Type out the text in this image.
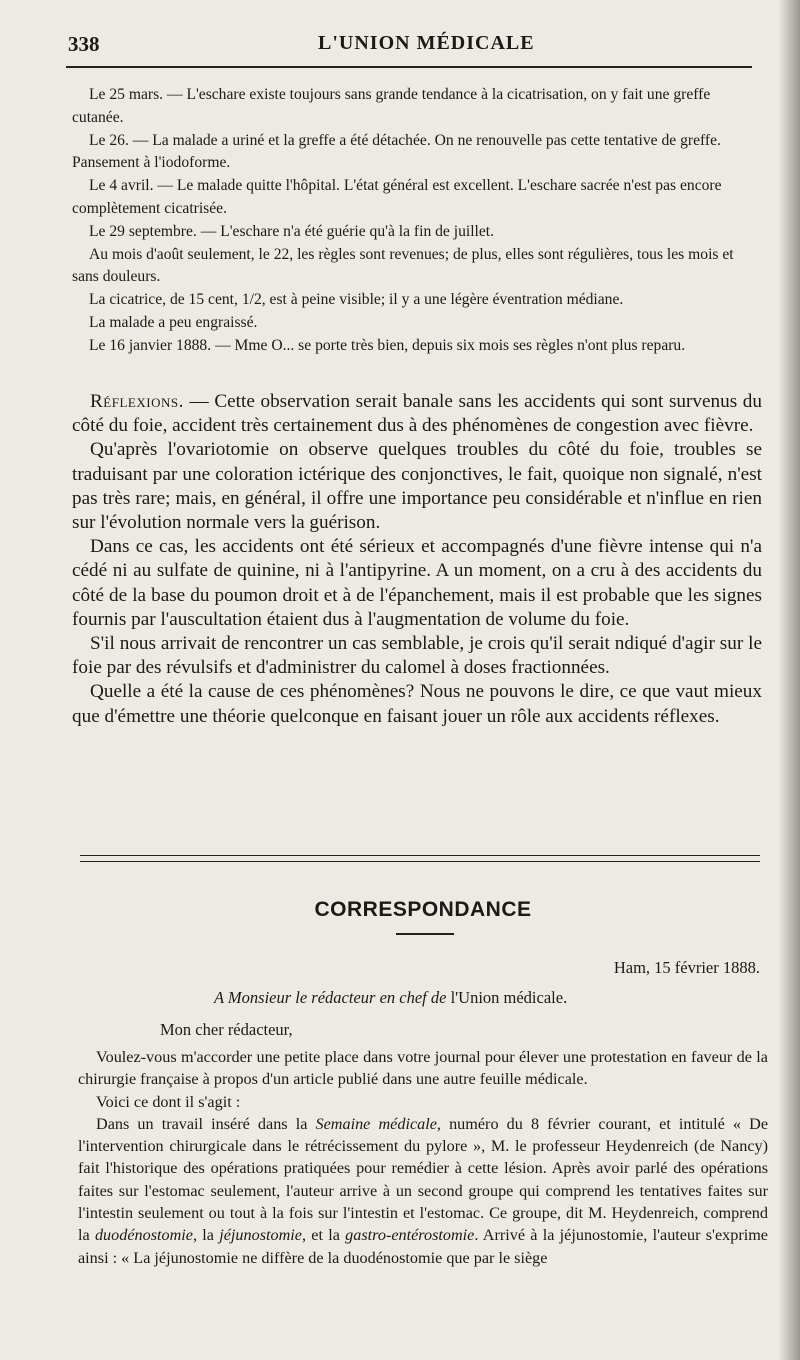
338	L'UNION MÉDICALE

Le 25 mars. — L'eschare existe toujours sans grande tendance à la cicatrisation, on y fait une greffe cutanée.

Le 26. — La malade a uriné et la greffe a été détachée. On ne renouvelle pas cette tentative de greffe. Pansement à l'iodoforme.

Le 4 avril. — Le malade quitte l'hôpital. L'état général est excellent. L'eschare sacrée n'est pas encore complètement cicatrisée.

Le 29 septembre. — L'eschare n'a été guérie qu'à la fin de juillet.

Au mois d'août seulement, le 22, les règles sont revenues; de plus, elles sont régulières, tous les mois et sans douleurs.

La cicatrice, de 15 cent, 1/2, est à peine visible; il y a une légère éventration médiane.

La malade a peu engraissé.

Le 16 janvier 1888. — Mme O... se porte très bien, depuis six mois ses règles n'ont plus reparu.

Réflexions. — Cette observation serait banale sans les accidents qui sont survenus du côté du foie, accident très certainement dus à des phénomènes de congestion avec fièvre.

Qu'après l'ovariotomie on observe quelques troubles du côté du foie, troubles se traduisant par une coloration ictérique des conjonctives, le fait, quoique non signalé, n'est pas très rare; mais, en général, il offre une importance peu considérable et n'influe en rien sur l'évolution normale vers la guérison.

Dans ce cas, les accidents ont été sérieux et accompagnés d'une fièvre intense qui n'a cédé ni au sulfate de quinine, ni à l'antipyrine. A un moment, on a cru à des accidents du côté de la base du poumon droit et à de l'épanchement, mais il est probable que les signes fournis par l'auscultation étaient dus à l'augmentation de volume du foie.

S'il nous arrivait de rencontrer un cas semblable, je crois qu'il serait ndiqué d'agir sur le foie par des révulsifs et d'administrer du calomel à doses fractionnées.

Quelle a été la cause de ces phénomènes? Nous ne pouvons le dire, ce que vaut mieux que d'émettre une théorie quelconque en faisant jouer un rôle aux accidents réflexes.

CORRESPONDANCE
Ham, 15 février 1888.
A Monsieur le rédacteur en chef de l'Union médicale.
Mon cher rédacteur,

Voulez-vous m'accorder une petite place dans votre journal pour élever une protestation en faveur de la chirurgie française à propos d'un article publié dans une autre feuille médicale.

Voici ce dont il s'agit :

Dans un travail inséré dans la Semaine médicale, numéro du 8 février courant, et intitulé « De l'intervention chirurgicale dans le rétrécissement du pylore », M. le professeur Heydenreich (de Nancy) fait l'historique des opérations pratiquées pour remédier à cette lésion. Après avoir parlé des opérations faites sur l'estomac seulement, l'auteur arrive à un second groupe qui comprend les tentatives faites sur l'intestin seulement ou tout à la fois sur l'intestin et l'estomac. Ce groupe, dit M. Heydenreich, comprend la duodénostomie, la jéjunostomie, et la gastro-entérostomie. Arrivé à la jéjunostomie, l'auteur s'exprime ainsi : « La jéjunostomie ne diffère de la duodénostomie que par le siège
